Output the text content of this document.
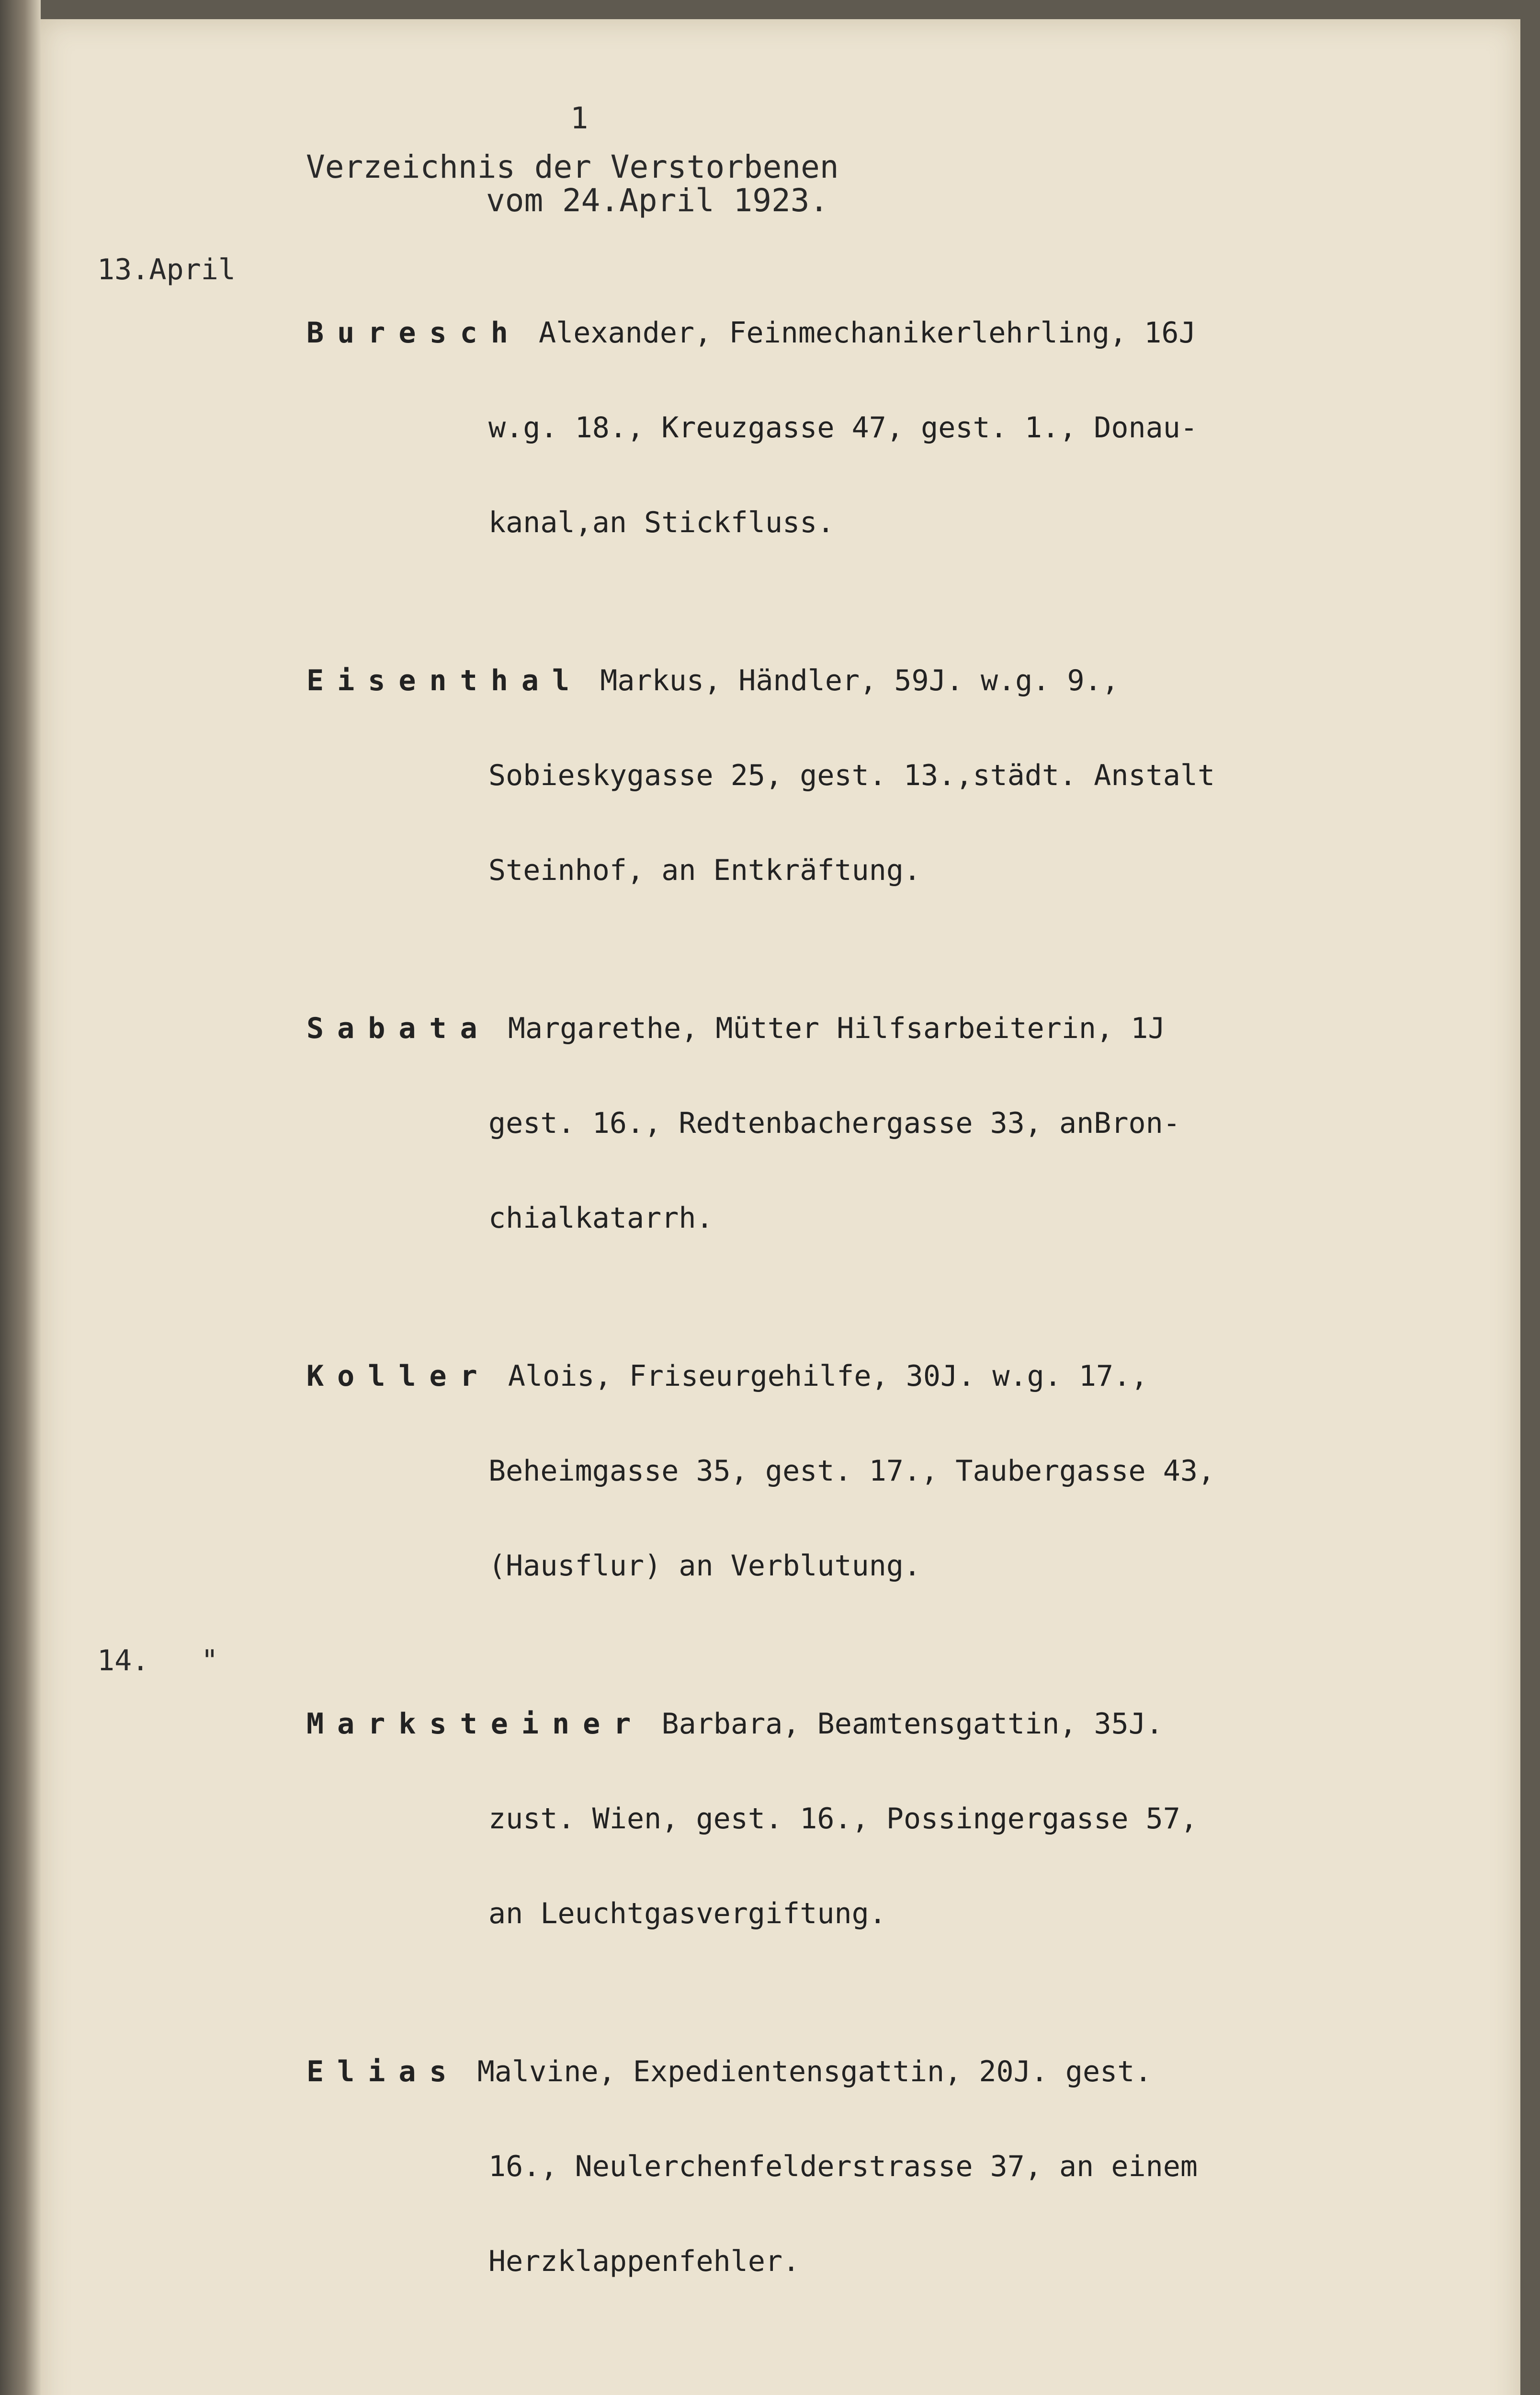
1
Verzeichnis der Verstorbenen
vom 24.April 1923.
13.April

Buresch Alexander, Feinmechanikerlehrling, 16J

w.g. 18., Kreuzgasse 47, gest. 1., Donau-

kanal,an Stickfluss.

Eisenthal Markus, Händler, 59J. w.g. 9.,

Sobieskygasse 25, gest. 13.,städt. Anstalt

Steinhof, an Entkräftung.

Sabata Margarethe, Mütter Hilfsarbeiterin, 1J

gest. 16., Redtenbachergasse 33, anBron-

chialkatarrh.

Koller Alois, Friseurgehilfe, 30J. w.g. 17.,

Beheimgasse 35, gest. 17., Taubergasse 43,

(Hausflur) an Verblutung.

14.   "

Marksteiner Barbara, Beamtensgattin, 35J.

zust. Wien, gest. 16., Possingergasse 57,

an Leuchtgasvergiftung.

Elias Malvine, Expedientensgattin, 20J. gest.

16., Neulerchenfelderstrasse 37, an einem

Herzklappenfehler.
